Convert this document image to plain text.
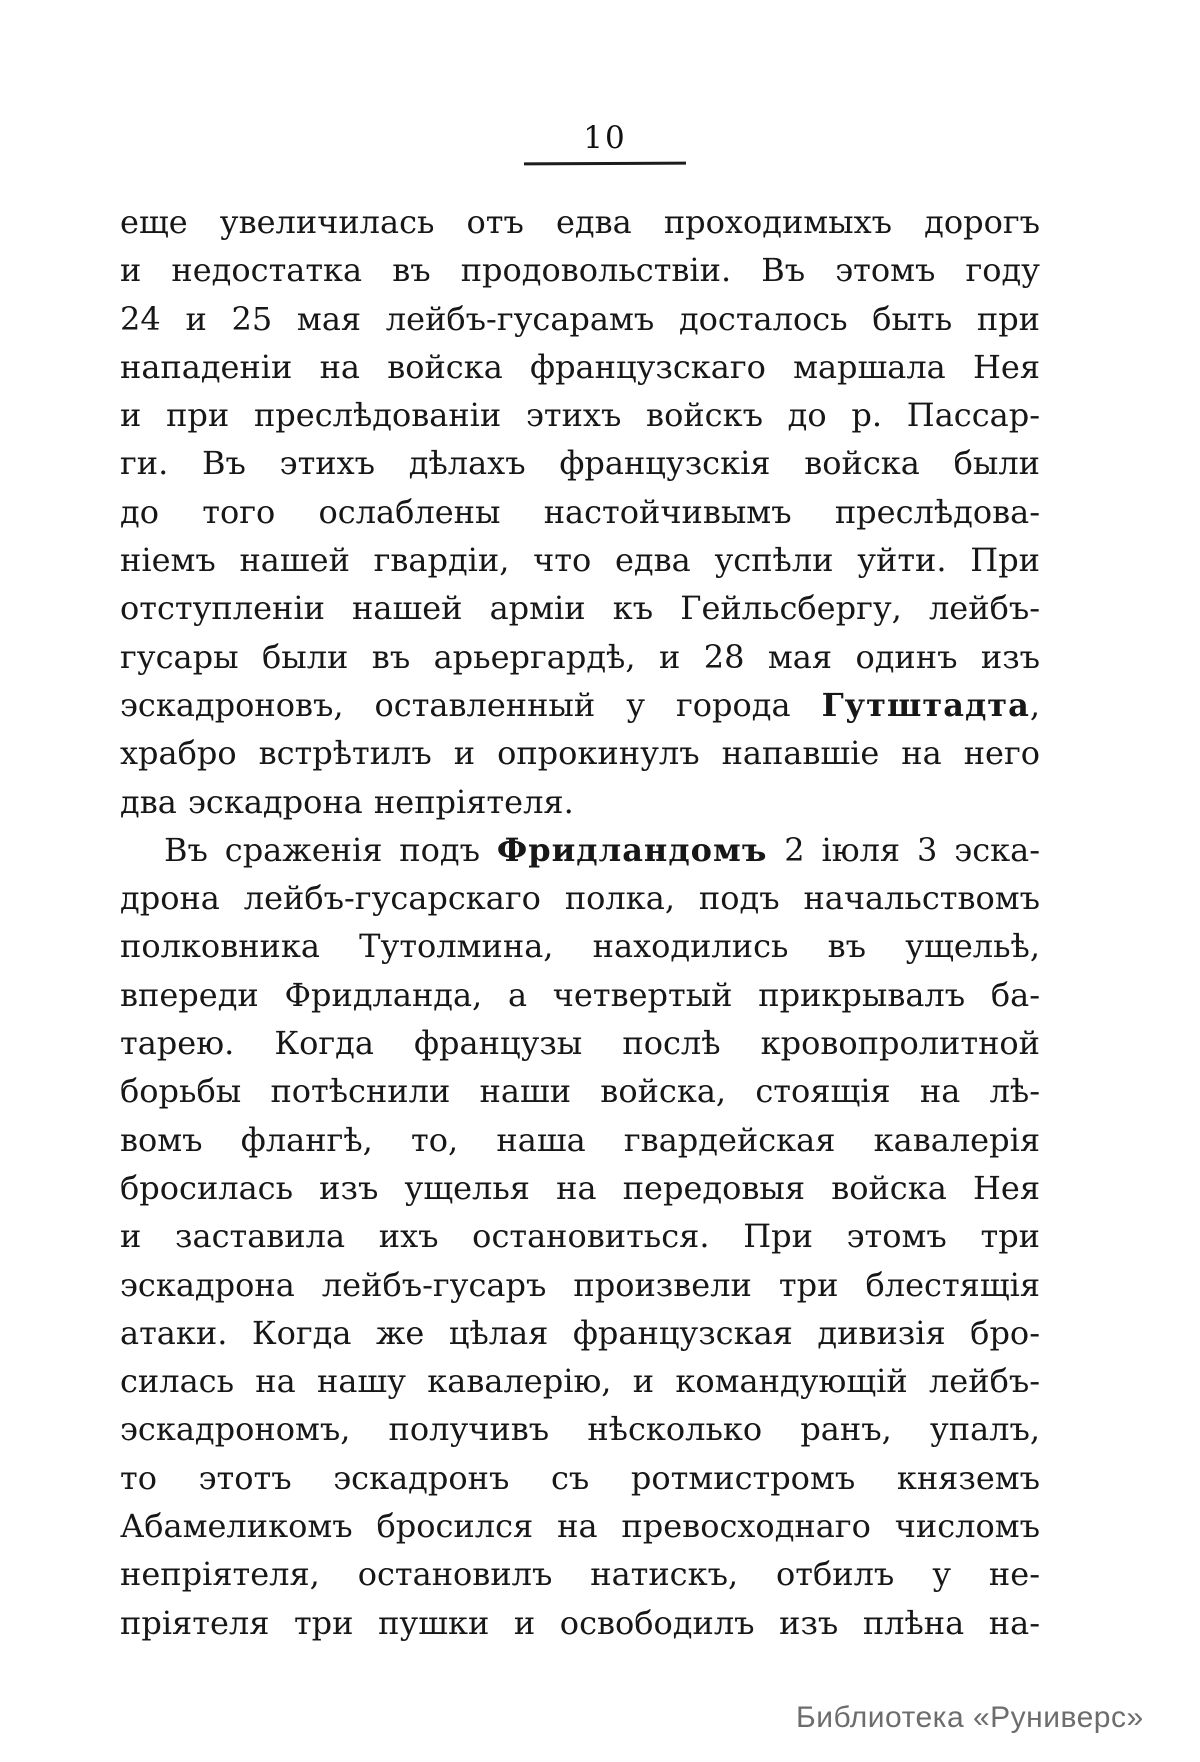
10
еще увеличилась отъ едва проходимыхъ дорогъ
и недостатка въ продовольствіи. Въ этомъ году
24 и 25 мая лейбъ-гусарамъ досталось быть при
нападеніи на войска французскаго маршала Нея
и при преслѣдованіи этихъ войскъ до р. Пассар-
ги. Въ этихъ дѣлахъ французскія войска были
до того ослаблены настойчивымъ преслѣдова-
ніемъ нашей гвардіи, что едва успѣли уйти. При
отступленіи нашей арміи къ Гейльсбергу, лейбъ-
гусары были въ арьергардѣ, и 28 мая одинъ изъ
эскадроновъ, оставленный у города Гутштадта,
храбро встрѣтилъ и опрокинулъ напавшіе на него
два эскадрона непріятеля.
Въ сраженія подъ Фридландомъ 2 іюля 3 эска-
дрона лейбъ-гусарскаго полка, подъ начальствомъ
полковника Тутолмина, находились въ ущельѣ,
впереди Фридланда, а четвертый прикрывалъ ба-
тарею. Когда французы послѣ кровопролитной
борьбы потѣснили наши войска, стоящія на лѣ-
вомъ флангѣ, то, наша гвардейская кавалерія
бросилась изъ ущелья на передовыя войска Нея
и заставила ихъ остановиться. При этомъ три
эскадрона лейбъ-гусаръ произвели три блестящія
атаки. Когда же цѣлая французская дивизія бро-
силась на нашу кавалерію, и командующій лейбъ-
эскадрономъ, получивъ нѣсколько ранъ, упалъ,
то этотъ эскадронъ съ ротмистромъ княземъ
Абамеликомъ бросился на превосходнаго числомъ
непріятеля, остановилъ натискъ, отбилъ у не-
пріятеля три пушки и освободилъ изъ плѣна на-
Библиотека «Руниверс»
